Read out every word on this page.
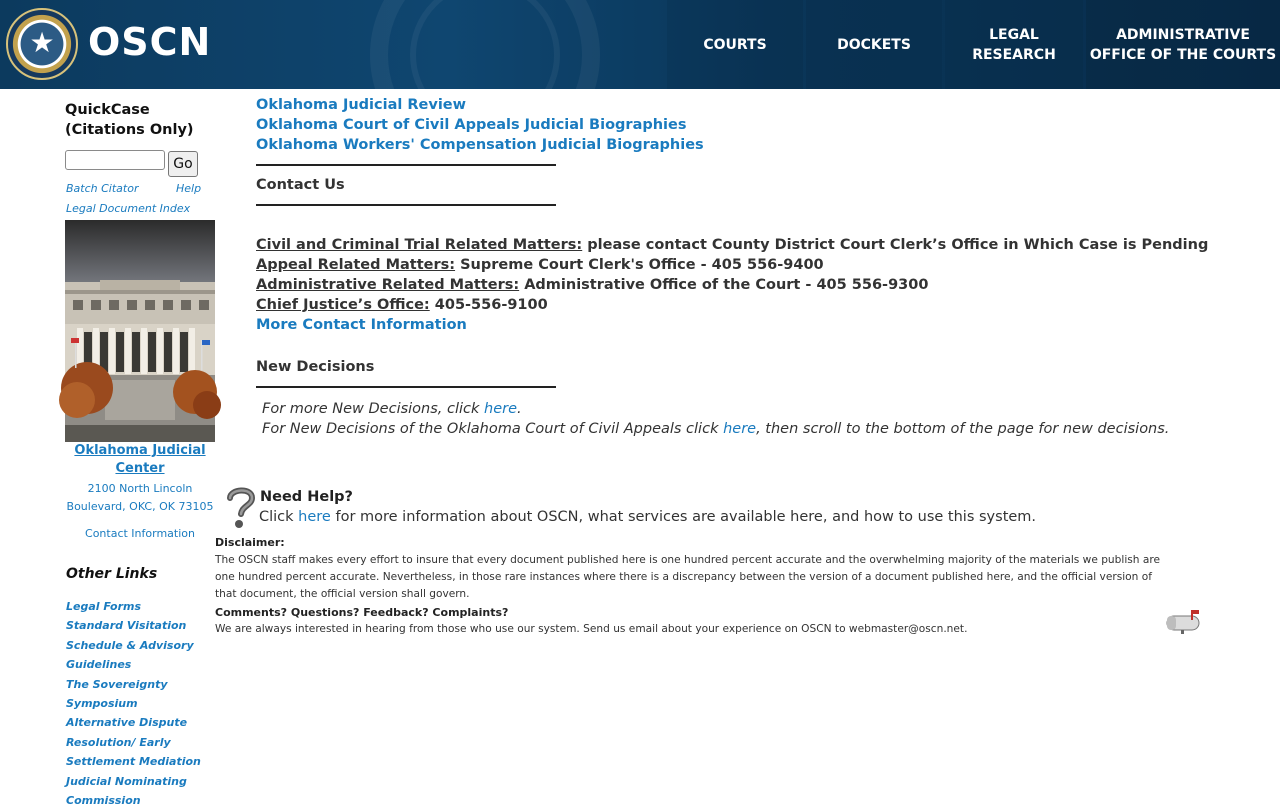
★ OSCN	COURTS	DOCKETS
LEGAL RESEARCH
ADMINISTRATIVE OFFICE OF THE COURTS
QuickCase (Citations Only)
Go
Batch Citator	Help
Legal Document Index
Oklahoma Judicial Center
2100 North Lincoln Boulevard, OKC, OK 73105
Contact Information
Other Links
Legal Forms
Standard Visitation Schedule & Advisory Guidelines
The Sovereignty Symposium
Alternative Dispute Resolution/ Early Settlement Mediation
Judicial Nominating Commission
Oklahoma Judicial Review
Oklahoma Court of Civil Appeals Judicial Biographies
Oklahoma Workers' Compensation Judicial Biographies
Contact Us
Civil and Criminal Trial Related Matters: please contact County District Court Clerk’s Office in Which Case is Pending
Appeal Related Matters: Supreme Court Clerk's Office - 405 556-9400
Administrative Related Matters: Administrative Office of the Court - 405 556-9300
Chief Justice’s Office: 405-556-9100
More Contact Information
New Decisions
For more New Decisions, click here.
For New Decisions of the Oklahoma Court of Civil Appeals click here, then scroll to the bottom of the page for new decisions.
Need Help?
Click here for more information about OSCN, what services are available here, and how to use this system.
Disclaimer:
The OSCN staff makes every effort to insure that every document published here is one hundred percent accurate and the overwhelming majority of the materials we publish are one hundred percent accurate. Nevertheless, in those rare instances where there is a discrepancy between the version of a document published here, and the official version of that document, the official version shall govern.
Comments? Questions? Feedback? Complaints?
We are always interested in hearing from those who use our system. Send us email about your experience on OSCN to webmaster@oscn.net.
